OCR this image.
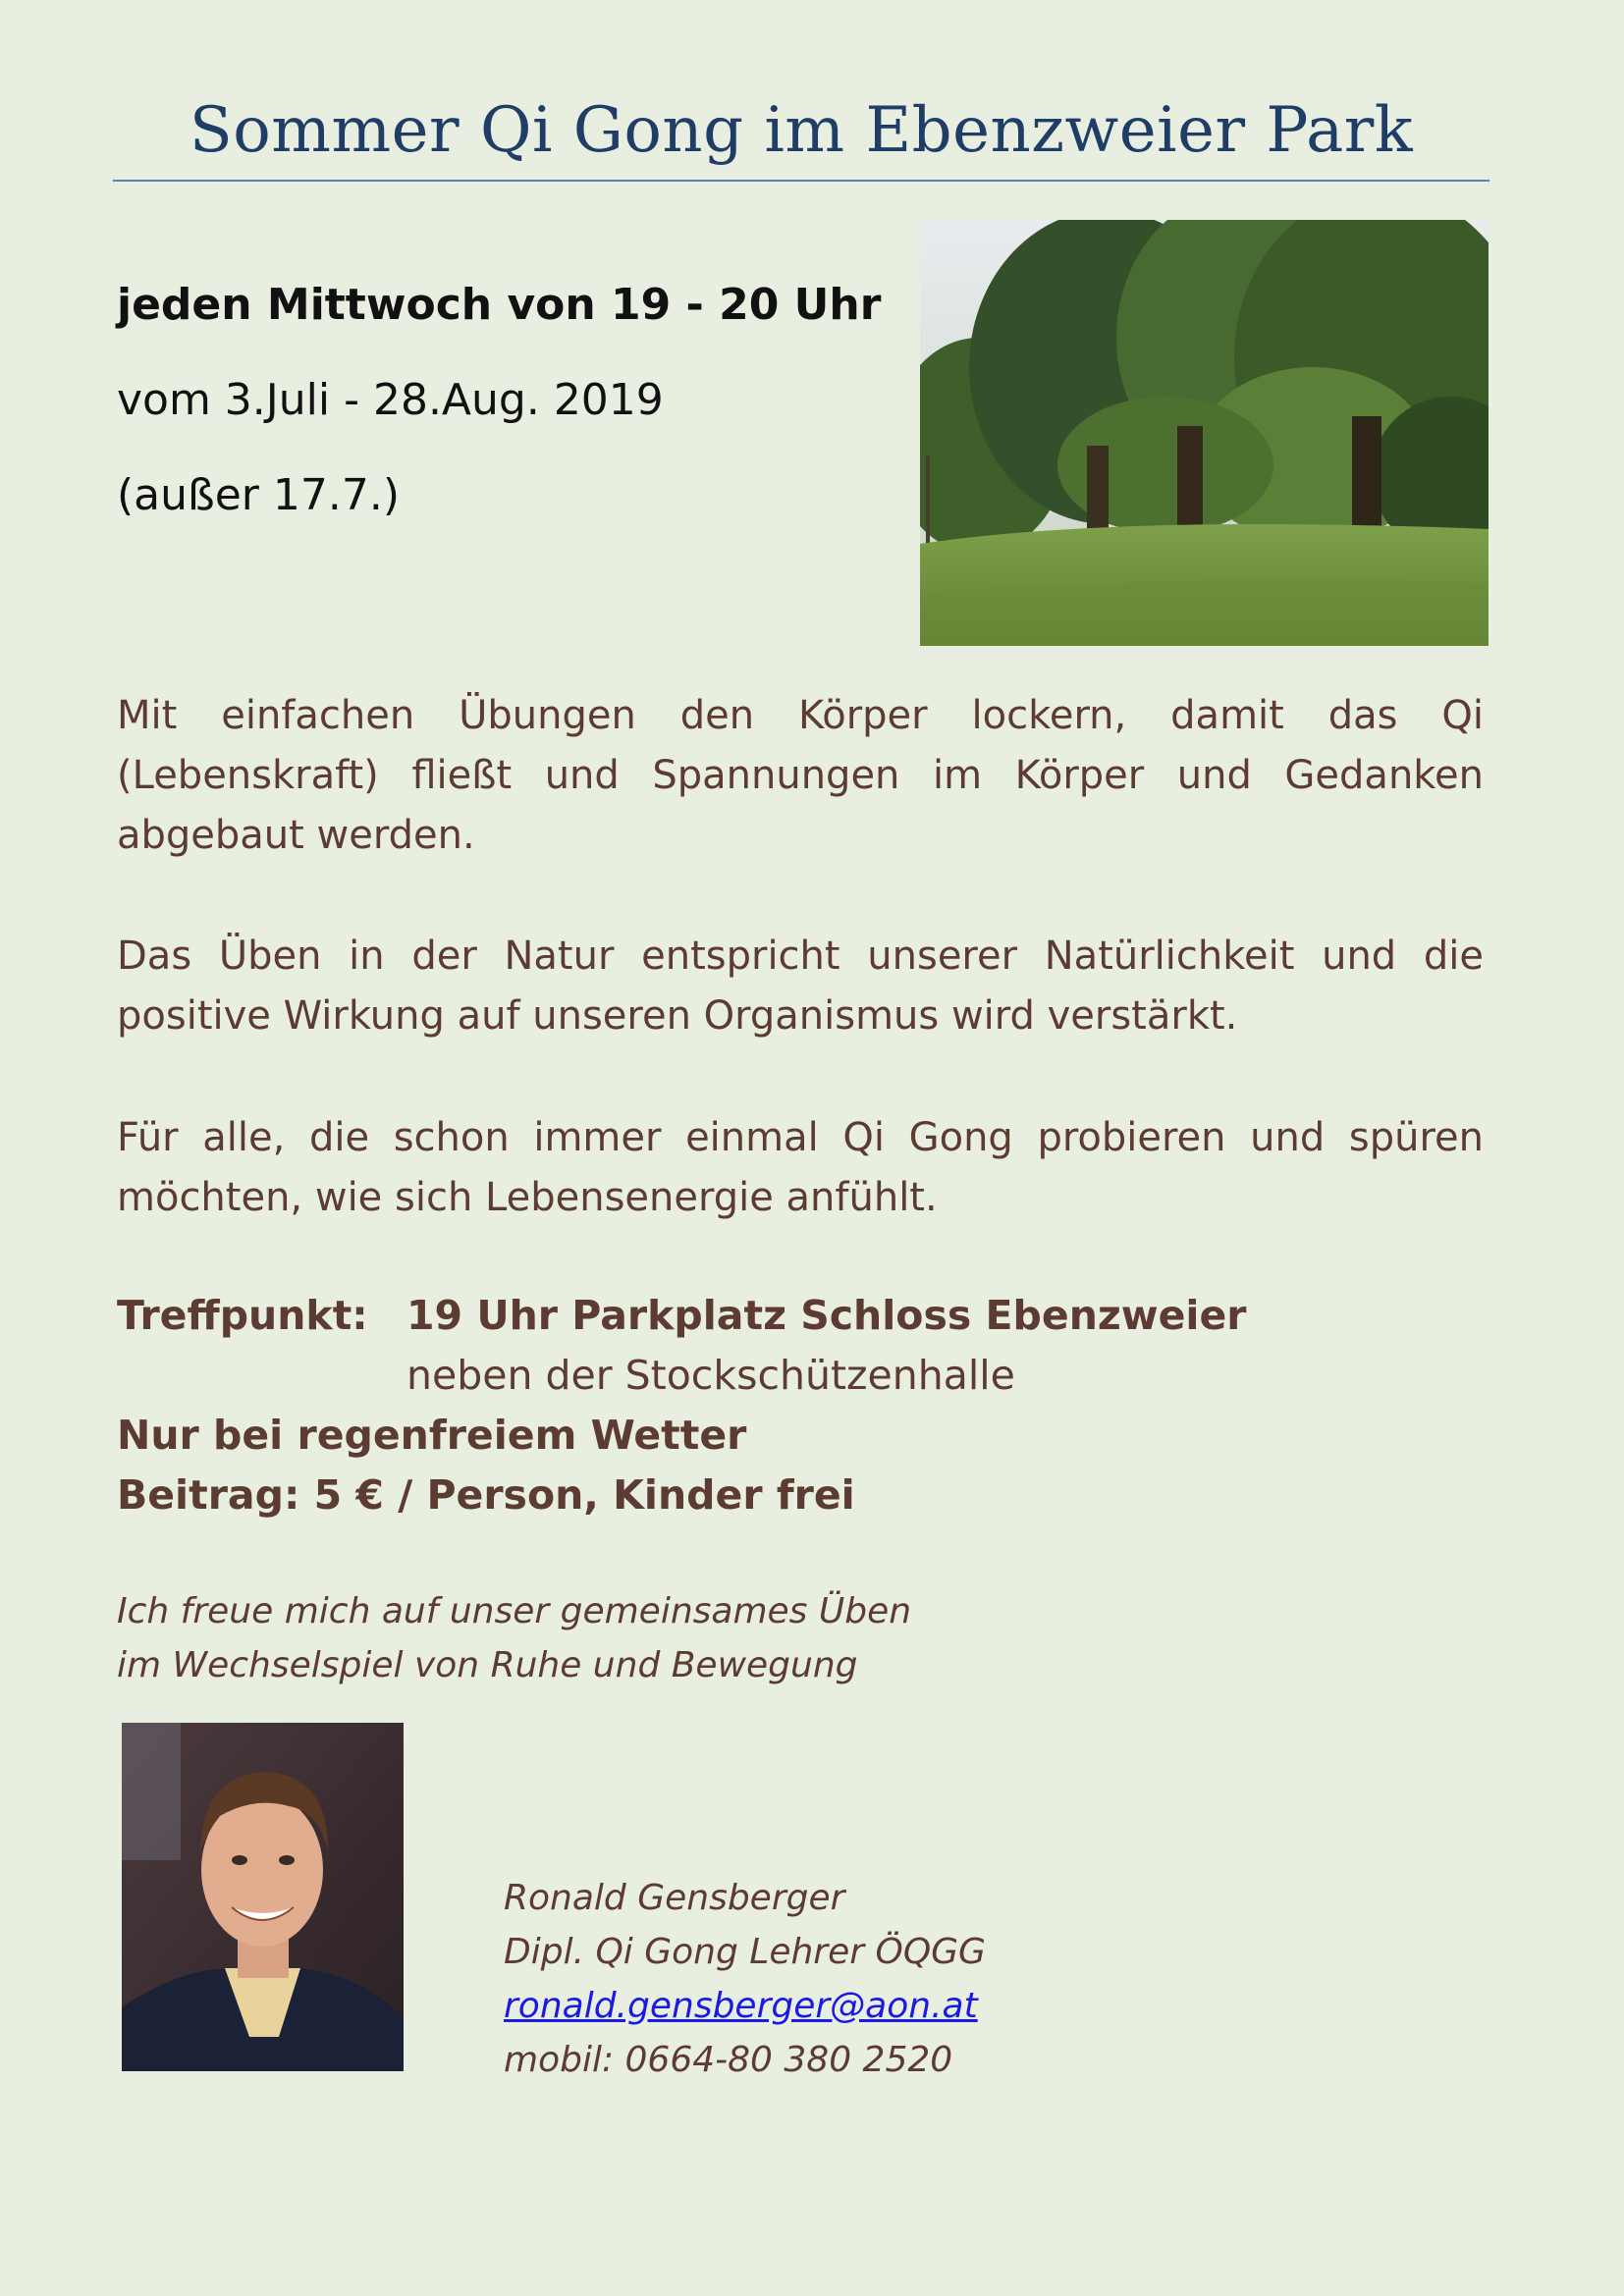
Sommer Qi Gong im Ebenzweier Park
jeden Mittwoch von 19 - 20 Uhr
vom 3.Juli - 28.Aug. 2019
(außer 17.7.)
Mit einfachen Übungen den Körper lockern, damit das Qi (Lebenskraft) fließt und Spannungen im Körper und Gedanken abgebaut werden.
Das Üben in der Natur entspricht unserer Natürlichkeit und die positive Wirkung auf unseren Organismus wird verstärkt.
Für alle, die schon immer einmal Qi Gong probieren und spüren möchten, wie sich Lebensenergie anfühlt.
Treffpunkt: 19 Uhr Parkplatz Schloss Ebenzweier
neben der Stockschützenhalle
Nur bei regenfreiem Wetter
Beitrag: 5 € / Person, Kinder frei
Ich freue mich auf unser gemeinsames Üben
im Wechselspiel von Ruhe und Bewegung
Ronald Gensberger
Dipl. Qi Gong Lehrer ÖQGG
ronald.gensberger@aon.at
mobil: 0664-80 380 2520
